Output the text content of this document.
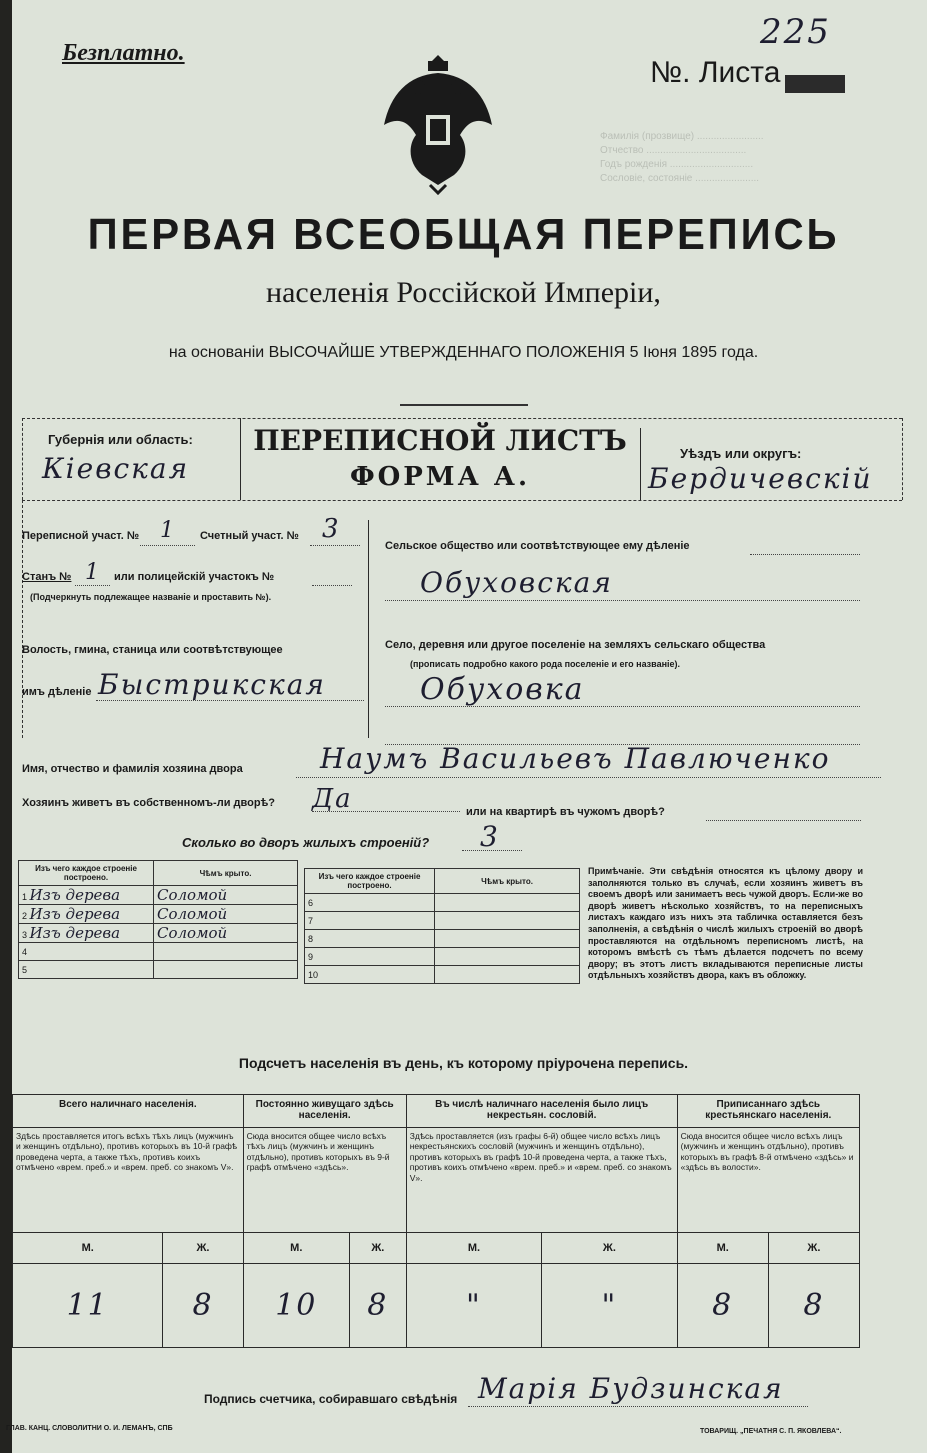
Безплатно.
№. Листа
225
Фамилія (прозвище) ........................
Отчество ....................................
Годъ рожденія ..............................
Сословіе, состояніе .......................
ПЕРВАЯ ВСЕОБЩАЯ ПЕРЕПИСЬ
населенія Россійской Имперіи,
на основаніи ВЫСОЧАЙШЕ УТВЕРЖДЕННАГО ПОЛОЖЕНІЯ 5 Іюня 1895 года.
Губернія или область:
Кіевская
ПЕРЕПИСНОЙ ЛИСТЪ
ФОРМА А.
Уѣздъ или округъ:
Бердичевскій
Переписной участ. № 1 Счетный участ. № 3
Станъ № 1 или полицейскій участокъ №
(Подчеркнуть подлежащее названіе и проставить №).
Волость, гмина, станица или соотвѣтствующее
имъ дѣленіе Быстрикская
Сельское общество или соотвѣтствующее ему дѣленіе
Обуховская
Село, деревня или другое поселеніе на земляхъ сельскаго общества
(прописать подробно какого рода поселеніе и его названіе).
Обуховка
Имя, отчество и фамилія хозяина двора	Наумъ Васильевъ Павлюченко
Хозяинъ живетъ въ собственномъ-ли дворѣ? Да	или на квартирѣ въ чужомъ дворѣ?
Сколько во дворъ жилыхъ строеній? 3
Изъ чего каждое строеніе построено.	Чѣмъ крыто.
1 Изъ дерева	Соломой
2 Изъ дерева	Соломой
3 Изъ дерева	Соломой
4	
5	
Изъ чего каждое строеніе построено.	Чѣмъ крыто.
6	
7	
8	
9	
10	
Примѣчаніе. Эти свѣдѣнія относятся къ цѣлому двору и заполняются только въ случаѣ, если хозяинъ живетъ въ своемъ дворѣ или занимаетъ весь чужой дворъ. Если-же во дворѣ живетъ нѣсколько хозяйствъ, то на переписныхъ листахъ каждаго изъ нихъ эта табличка оставляется безъ заполненія, а свѣдѣнія о числѣ жилыхъ строеній во дворѣ проставляются на отдѣльномъ переписномъ листѣ, на которомъ вмѣстѣ съ тѣмъ дѣлается подсчетъ по всему двору; въ этотъ листъ вкладываются переписные листы отдѣльныхъ хозяйствъ двора, какъ въ обложку.
Подсчетъ населенія въ день, къ которому пріурочена перепись.
Всего наличнаго населенія.		Постоянно живущаго здѣсь населенія.		Въ числѣ наличнаго населенія было лицъ некрестьян. сословій.		Приписаннаго здѣсь крестьянскаго населенія.	
Здѣсь проставляется итогъ всѣхъ тѣхъ лицъ (мужчинъ и женщинъ отдѣльно), противъ которыхъ въ 10-й графѣ проведена черта, а также тѣхъ, противъ коихъ отмѣчено «врем. преб.» и «врем. преб. со знакомъ V».		Сюда вносится общее число всѣхъ тѣхъ лицъ (мужчинъ и женщинъ отдѣльно), противъ которыхъ въ 9-й графѣ отмѣчено «здѣсь».		Здѣсь проставляется (изъ графы 6-й) общее число всѣхъ лицъ некрестьянскихъ сословій (мужчинъ и женщинъ отдѣльно), противъ которыхъ въ графѣ 10-й проведена черта, а также тѣхъ, противъ коихъ отмѣчено «врем. преб.» и «врем. преб. со знакомъ V».		Сюда вносится общее число всѣхъ лицъ (мужчинъ и женщинъ отдѣльно), противъ которыхъ въ графѣ 8-й отмѣчено «здѣсь» и «здѣсь въ волости».	
М.	Ж.	М.	Ж.	М.	Ж.	М.	Ж.
11	8	10	8	"	"	8	8
Подпись счетчика, собиравшаго свѣдѣнія Марія Будзинская
ГЛАВ. КАНЦ. СЛОВОЛИТНИ О. И. ЛЕМАНЪ, СПБ	ТОВАРИЩ. „ПЕЧАТНЯ С. П. ЯКОВЛЕВА“.
